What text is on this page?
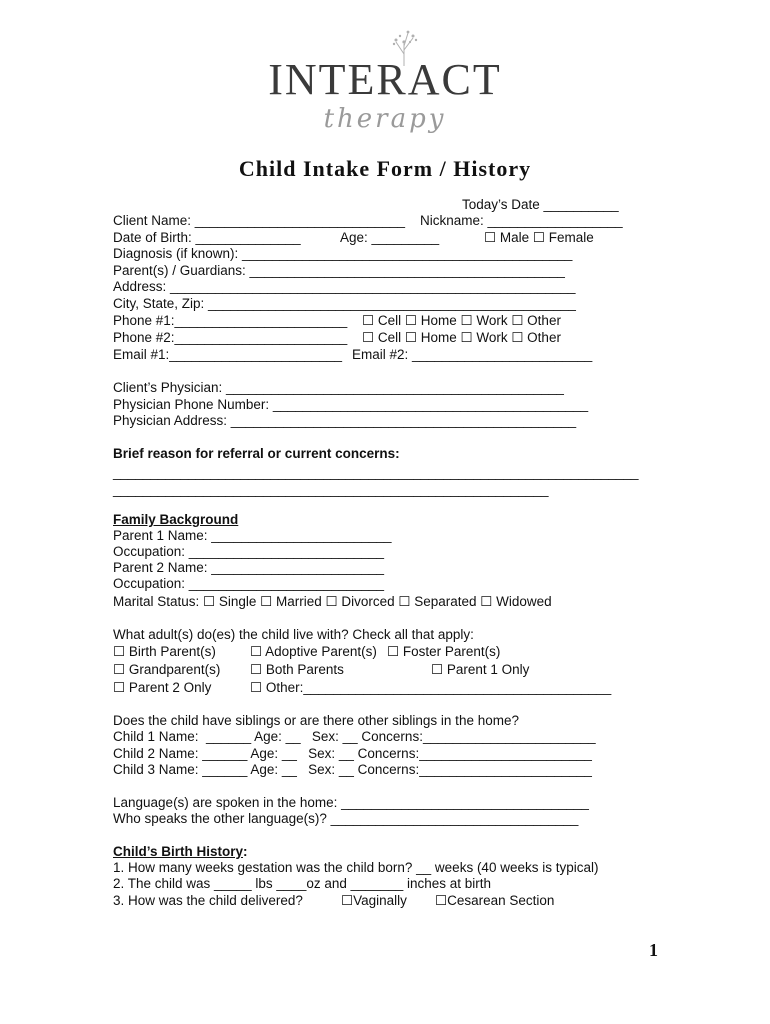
INTERACT
therapy
Child Intake Form / History
Today’s Date __________
Client Name: ____________________________ Nickname: __________________
Date of Birth: ______________	Age: _________	☐ Male ☐ Female
Diagnosis (if known): ____________________________________________
Parent(s) / Guardians: __________________________________________
Address: ______________________________________________________
City, State, Zip: _________________________________________________
Phone #1:_______________________ ☐ Cell ☐ Home ☐ Work ☐ Other
Phone #2:_______________________ ☐ Cell ☐ Home ☐ Work ☐ Other
Email #1:_______________________ Email #2: ________________________
Client’s Physician: _____________________________________________
Physician Phone Number: __________________________________________
Physician Address: ______________________________________________
Brief reason for referral or current concerns:
______________________________________________________________________
__________________________________________________________
Family Background
Parent 1 Name: ________________________
Occupation: __________________________
Parent 2 Name: _______________________
Occupation: __________________________
Marital Status: ☐ Single ☐ Married ☐ Divorced ☐ Separated ☐ Widowed
What adult(s) do(es) the child live with? Check all that apply:
☐ Birth Parent(s)	☐ Adoptive Parent(s) ☐ Foster Parent(s)
☐ Grandparent(s) ☐ Both Parents	☐ Parent 1 Only
☐ Parent 2 Only	☐ Other:_________________________________________
Does the child have siblings or are there other siblings in the home?
Child 1 Name:  ______ Age: __   Sex: __ Concerns:_______________________
Child 2 Name: ______ Age: __   Sex: __ Concerns:_______________________
Child 3 Name: ______ Age: __   Sex: __ Concerns:_______________________
Language(s) are spoken in the home: _________________________________
Who speaks the other language(s)? _________________________________
Child’s Birth History:
1. How many weeks gestation was the child born? __ weeks (40 weeks is typical)
2. The child was _____ lbs ____oz and _______ inches at birth
3. How was the child delivered?	☐Vaginally ☐Cesarean Section
1
